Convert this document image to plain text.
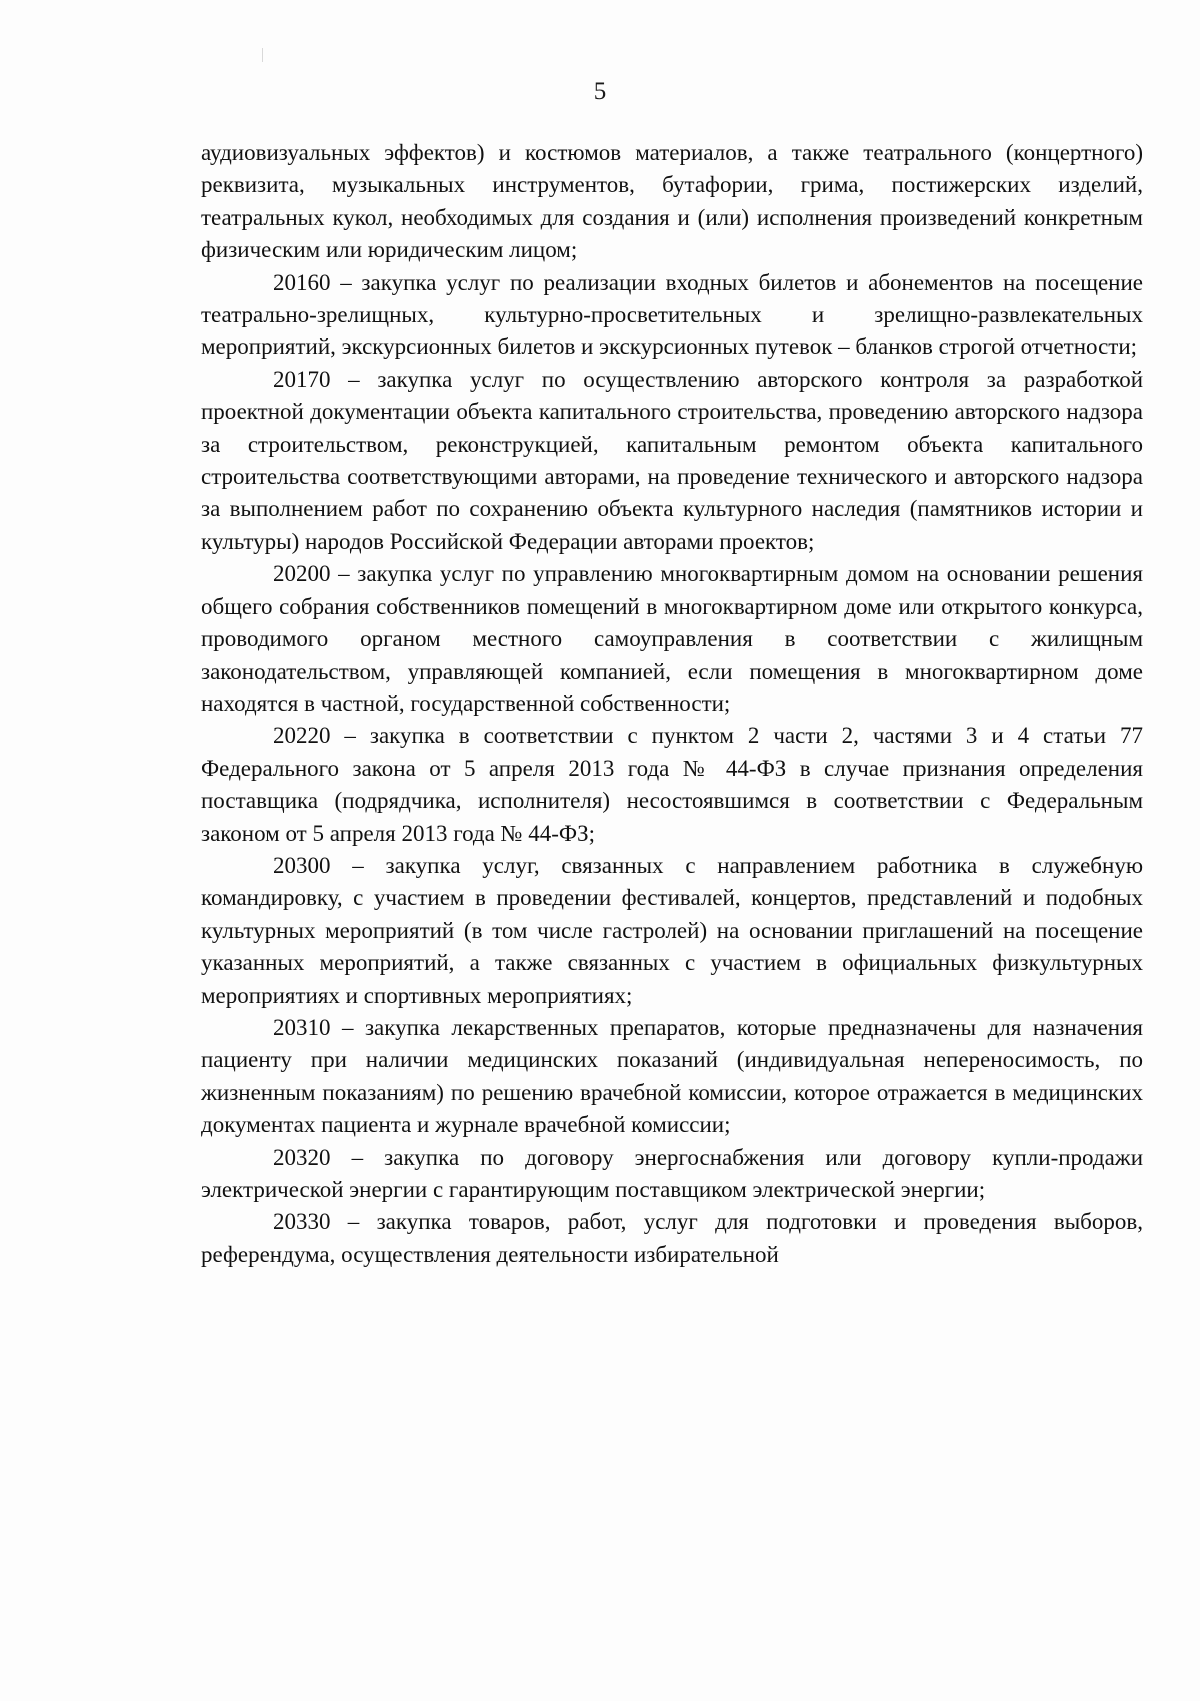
5

аудиовизуальных эффектов) и костюмов материалов, а также театрального (концертного) реквизита, музыкальных инструментов, бутафории, грима, постижерских изделий, театральных кукол, необходимых для создания и (или) исполнения произведений конкретным физическим или юридическим лицом;

20160 – закупка услуг по реализации входных билетов и абонементов на посещение театрально-зрелищных, культурно-просветительных и зрелищно-развлекательных мероприятий, экскурсионных билетов и экскурсионных путевок – бланков строгой отчетности;

20170 – закупка услуг по осуществлению авторского контроля за разработкой проектной документации объекта капитального строительства, проведению авторского надзора за строительством, реконструкцией, капитальным ремонтом объекта капитального строительства соответствующими авторами, на проведение технического и авторского надзора за выполнением работ по сохранению объекта культурного наследия (памятников истории и культуры) народов Российской Федерации авторами проектов;

20200 – закупка услуг по управлению многоквартирным домом на основании решения общего собрания собственников помещений в многоквартирном доме или открытого конкурса, проводимого органом местного самоуправления в соответствии с жилищным законодательством, управляющей компанией, если помещения в многоквартирном доме находятся в частной, государственной собственности;

20220 – закупка в соответствии с пунктом 2 части 2, частями 3 и 4 статьи 77 Федерального закона от 5 апреля 2013 года № 44-ФЗ в случае признания определения поставщика (подрядчика, исполнителя) несостоявшимся в соответствии с Федеральным законом от 5 апреля 2013 года № 44-ФЗ;

20300 – закупка услуг, связанных с направлением работника в служебную командировку, с участием в проведении фестивалей, концертов, представлений и подобных культурных мероприятий (в том числе гастролей) на основании приглашений на посещение указанных мероприятий, а также связанных с участием в официальных физкультурных мероприятиях и спортивных мероприятиях;

20310 – закупка лекарственных препаратов, которые предназначены для назначения пациенту при наличии медицинских показаний (индивидуальная непереносимость, по жизненным показаниям) по решению врачебной комиссии, которое отражается в медицинских документах пациента и журнале врачебной комиссии;

20320 – закупка по договору энергоснабжения или договору купли-продажи электрической энергии с гарантирующим поставщиком электрической энергии;

20330 – закупка товаров, работ, услуг для подготовки и проведения выборов, референдума, осуществления деятельности избирательной
